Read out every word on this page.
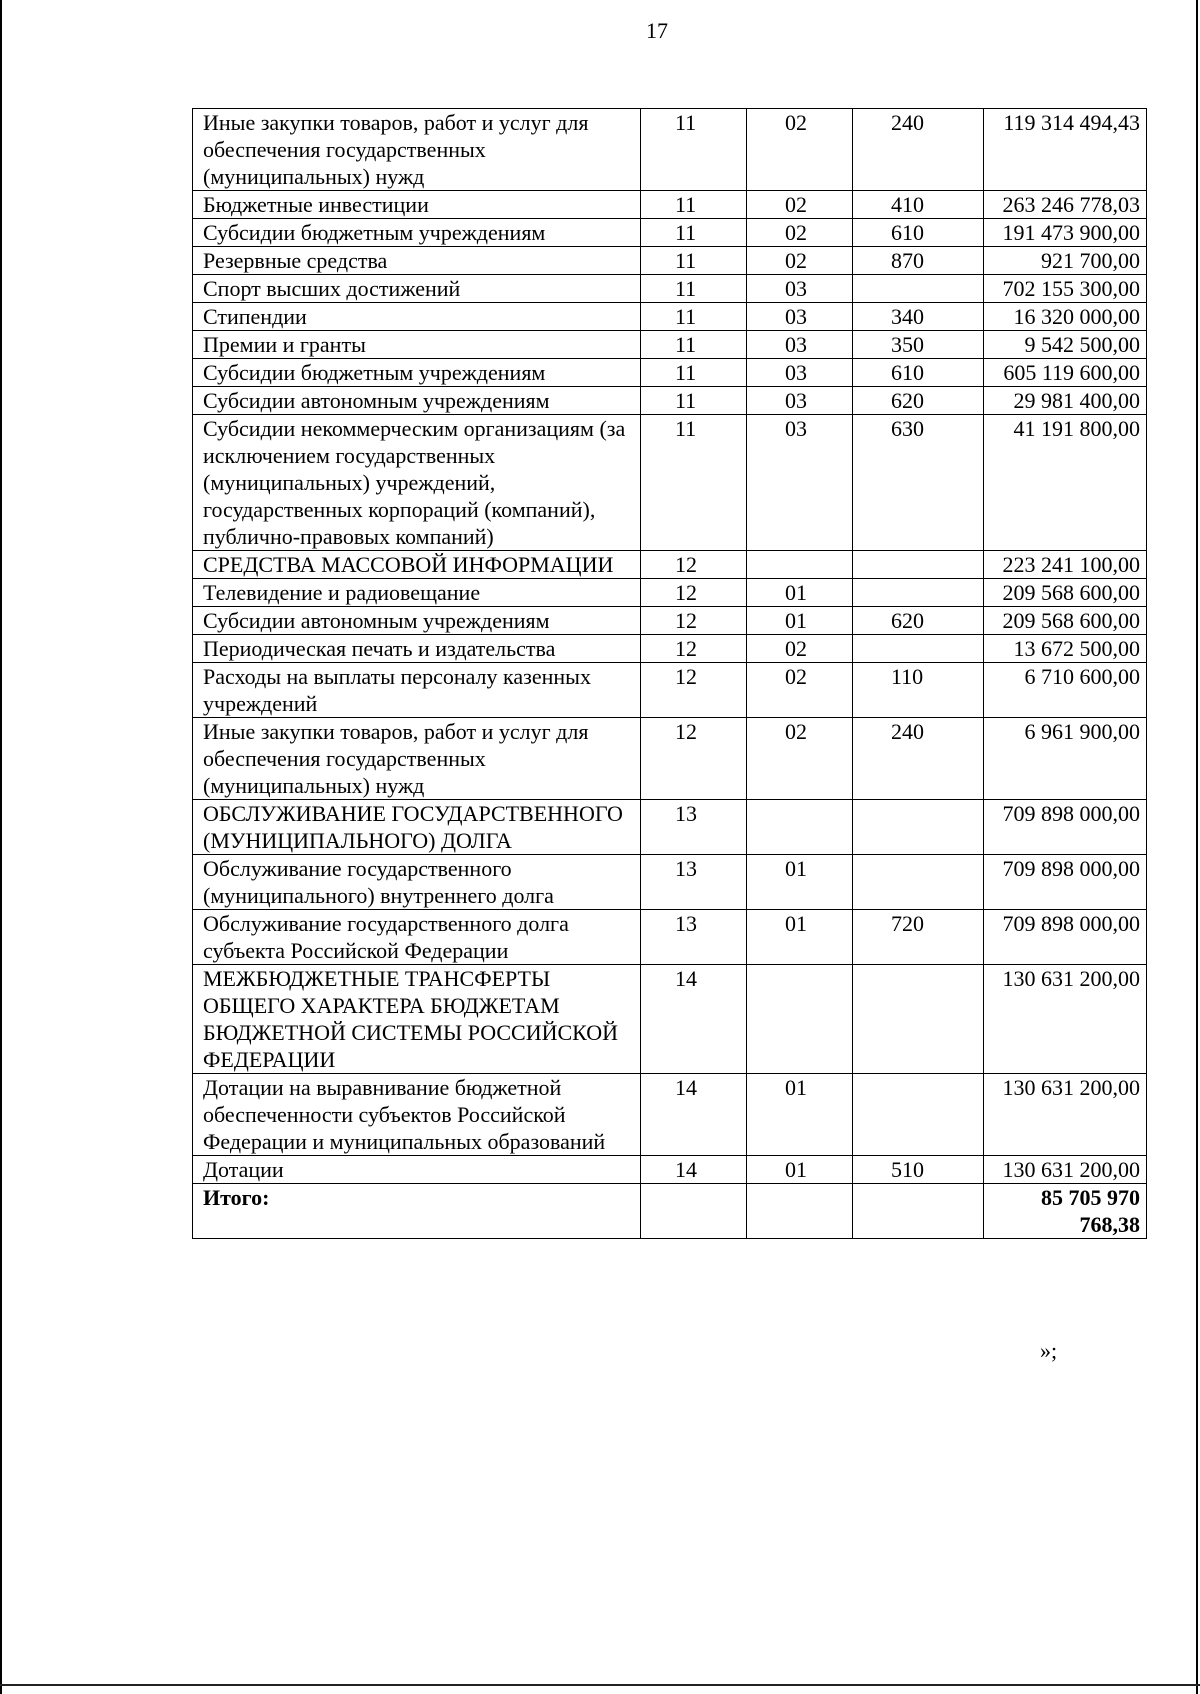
17
Иные закупки товаров, работ и услуг для обеспечения государственных (муниципальных) нужд	11	02	240	119 314 494,43
Бюджетные инвестиции	11	02	410	263 246 778,03
Субсидии бюджетным учреждениям	11	02	610	191 473 900,00
Резервные средства	11	02	870	921 700,00
Спорт высших достижений	11	03		702 155 300,00
Стипендии	11	03	340	16 320 000,00
Премии и гранты	11	03	350	9 542 500,00
Субсидии бюджетным учреждениям	11	03	610	605 119 600,00
Субсидии автономным учреждениям	11	03	620	29 981 400,00
Субсидии некоммерческим организациям (за исключением государственных (муниципальных) учреждений, государственных корпораций (компаний), публично-правовых компаний)	11	03	630	41 191 800,00
СРЕДСТВА МАССОВОЙ ИНФОРМАЦИИ	12			223 241 100,00
Телевидение и радиовещание	12	01		209 568 600,00
Субсидии автономным учреждениям	12	01	620	209 568 600,00
Периодическая печать и издательства	12	02		13 672 500,00
Расходы на выплаты персоналу казенных учреждений	12	02	110	6 710 600,00
Иные закупки товаров, работ и услуг для обеспечения государственных (муниципальных) нужд	12	02	240	6 961 900,00
ОБСЛУЖИВАНИЕ ГОСУДАРСТВЕННОГО (МУНИЦИПАЛЬНОГО) ДОЛГА	13			709 898 000,00
Обслуживание государственного (муниципального) внутреннего долга	13	01		709 898 000,00
Обслуживание государственного долга субъекта Российской Федерации	13	01	720	709 898 000,00
МЕЖБЮДЖЕТНЫЕ ТРАНСФЕРТЫ ОБЩЕГО ХАРАКТЕРА БЮДЖЕТАМ БЮДЖЕТНОЙ СИСТЕМЫ РОССИЙСКОЙ ФЕДЕРАЦИИ	14			130 631 200,00
Дотации на выравнивание бюджетной обеспеченности субъектов Российской Федерации и муниципальных образований	14	01		130 631 200,00
Дотации	14	01	510	130 631 200,00
Итого:				85 705 970 768,38
»;
